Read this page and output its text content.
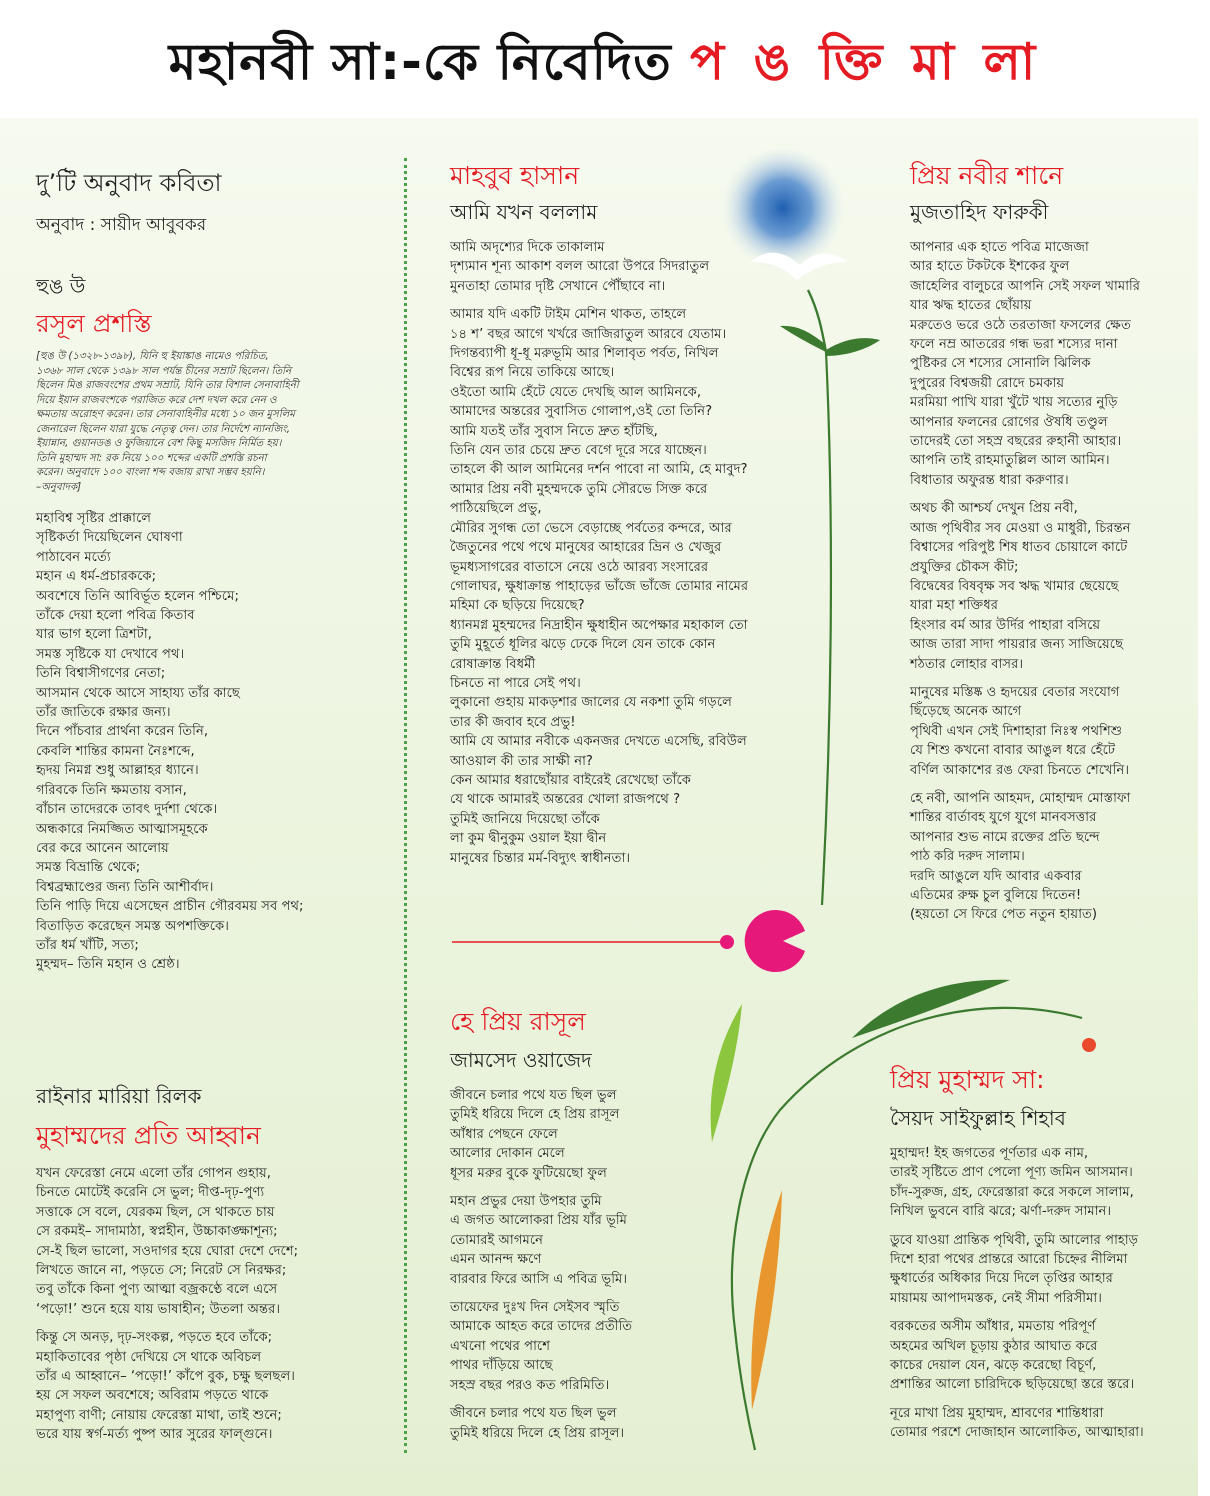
মহানবী সা:-কে নিবেদিত প ঙ ক্তি মা লা

দু’টি অনুবাদ কবিতা

অনুবাদ : সায়ীদ আবুবকর

হুঙ উ

রসূল প্রশস্তি

[হুঙ উ (১৩২৮-১৩৯৮), যিনি হু ইয়াঙ্কাঙ নামেও পরিচিত,
১৩৬৮ সাল থেকে ১৩৯৮ সাল পর্যন্ত চীনের সম্রাট ছিলেন। তিনি
ছিলেন মিঙ রাজবংশের প্রথম সম্রাট, যিনি তার বিশাল সেনাবাহিনী
দিয়ে ইয়ান রাজবংশকে পরাজিত করে দেশ দখল করে নেন ও
ক্ষমতায় অরোহণ করেন। তার সেনাবাহিনীর মধ্যে ১০ জন মুসলিম
জেনারেল ছিলেন যারা যুদ্ধে নেতৃত্ব দেন। তার নির্দেশে ন্যানজিং,
ইয়ান্নান, গুয়ানডঙ ও ফুজিয়ানে বেশ কিছু মসজিদ নির্মিত হয়।
তিনি মুহাম্মদ সা: রক নিয়ে ১০০ শব্দের একটি প্রশস্তি রচনা
করেন। অনুবাদে ১০০ বাংলা শব্দ বজায় রাখা সম্ভব হয়নি।
–অনুবাদক]
মহাবিশ্ব সৃষ্টির প্রাক্কালে
সৃষ্টিকর্তা দিয়েছিলেন ঘোষণা
পাঠাবেন মর্ত্যে
মহান এ ধর্ম-প্রচারককে;
অবশেষে তিনি আবির্ভূত হলেন পশ্চিমে;
তাঁকে দেয়া হলো পবিত্র কিতাব
যার ভাগ হলো ত্রিশটা,
সমস্ত সৃষ্টিকে যা দেখাবে পথ।
তিনি বিশ্বাসীগণের নেতা;
আসমান থেকে আসে সাহায্য তাঁর কাছে
তাঁর জাতিকে রক্ষার জন্য।
দিনে পাঁচবার প্রার্থনা করেন তিনি,
কেবলি শান্তির কামনা নৈঃশব্দে,
হৃদয় নিমগ্ন শুধু আল্লাহর ধ্যানে।
গরিবকে তিনি ক্ষমতায় বসান,
বাঁচান তাদেরকে তাবৎ দুর্দশা থেকে।
অন্ধকারে নিমজ্জিত আত্মাসমূহকে
বের করে আনেন আলোয়
সমস্ত বিভ্রান্তি থেকে;
বিশ্বব্রহ্মাণ্ডের জন্য তিনি আশীর্বাদ।
তিনি পাড়ি দিয়ে এসেছেন প্রাচীন গৌরবময় সব পথ;
বিতাড়িত করেছেন সমস্ত অপশক্তিকে।
তাঁর ধর্ম খাঁটি, সত্য;
মুহম্মদ– তিনি মহান ও শ্রেষ্ঠ।

রাইনার মারিয়া রিলক

মুহাম্মদের প্রতি আহ্বান

যখন ফেরেস্তা নেমে এলো তাঁর গোপন গুহায়,
চিনতে মোটেই করেনি সে ভুল; দীপ্ত-দৃঢ়-পুণ্য
সত্তাকে সে বলে, যেরকম ছিল, সে থাকতে চায়
সে রকমই– সাদামাঠা, স্বপ্নহীন, উচ্চাকাঙ্ক্ষাশূন্য;
সে-ই ছিল ভালো, সওদাগর হয়ে ঘোরা দেশে দেশে;
লিখতে জানে না, পড়তে সে; নিরেট সে নিরক্ষর;
তবু তাঁকে কিনা পুণ্য আত্মা বজ্রকণ্ঠে বলে এসে
‘পড়ো!’ শুনে হয়ে যায় ভাষাহীন; উতলা অন্তর।
কিন্তু সে অনড়, দৃঢ়-সংকল্প, পড়তে হবে তাঁকে;
মহাকিতাবের পৃষ্ঠা দেখিয়ে সে থাকে অবিচল
তাঁর এ আহ্বানে– ‘পড়ো!’ কাঁপে বুক, চক্ষু ছলছল।
হয় সে সফল অবশেষে; অবিরাম পড়তে থাকে
মহাপুণ্য বাণী; নোয়ায় ফেরেস্তা মাথা, তাই শুনে;
ভরে যায় স্বর্গ-মর্ত্য পুষ্প আর সুরের ফাল্গুনে।

মাহবুব হাসান

আমি যখন বললাম

আমি অদৃশ্যের দিকে তাকালাম
দৃশ্যমান শূন্য আকাশ বলল আরো উপরে সিদরাতুল
মুনতাহা তোমার দৃষ্টি সেখানে পৌঁছাবে না।
আমার যদি একটি টাইম মেশিন থাকত, তাহলে
১৪ শ’ বছর আগে খর্খরে জাজিরাতুল আরবে যেতাম।
দিগন্তব্যাপী ধূ-ধূ মরুভূমি আর শিলাবৃত পর্বত, নিখিল
বিশ্বের রূপ নিয়ে তাকিয়ে আছে।
ওইতো আমি হেঁটে যেতে দেখছি আল আমিনকে,
আমাদের অন্তরের সুবাসিত গোলাপ,ওই তো তিনি?
আমি যতই তাঁর সুবাস নিতে দ্রুত হাঁটছি,
তিনি যেন তার চেয়ে দ্রুত বেগে দূরে সরে যাচ্ছেন।
তাহলে কী আল আমিনের দর্শন পাবো না আমি, হে মাবুদ?
আমার প্রিয় নবী মুহম্মদকে তুমি সৌরভে সিক্ত করে
পাঠিয়েছিলে প্রভু,
মৌরির সুগন্ধ তো ভেসে বেড়াচ্ছে পর্বতের কন্দরে, আর
জৈতুনের পথে পথে মানুষের আহারের ভ্রিন ও খেজুর
ভূমধ্যসাগরের বাতাসে নেয়ে ওঠে আরব্য সংসারের
গোলাঘর, ক্ষুধাক্রান্ত পাহাড়ের ভাঁজে ভাঁজে তোমার নামের
মহিমা কে ছড়িয়ে দিয়েছে?
ধ্যানমগ্ন মুহম্মদের নিদ্রাহীন ক্ষুধাহীন অপেক্ষার মহাকাল তো
তুমি মুহূর্তে ধূলির ঝড়ে ঢেকে দিলে যেন তাকে কোন
রোষাক্রান্ত বিধর্মী
চিনতে না পারে সেই পথ।
লুকানো গুহায় মাকড়শার জালের যে নকশা তুমি গড়লে
তার কী জবাব হবে প্রভু!
আমি যে আমার নবীকে একনজর দেখতে এসেছি, রবিউল
আওয়াল কী তার সাক্ষী না?
কেন আমার ধরাছোঁয়ার বাইরেই রেখেছো তাঁকে
যে থাকে আমারই অন্তরের খোলা রাজপথে ?
তুমিই জানিয়ে দিয়েছো তাঁকে
লা কুম দ্বীনুকুম ওয়াল ইয়া দ্বীন
মানুষের চিন্তার মর্ম-বিদ্যুৎ স্বাধীনতা।

হে প্রিয় রাসূল

জামসেদ ওয়াজেদ

জীবনে চলার পথে যত ছিল ভুল
তুমিই ধরিয়ে দিলে হে প্রিয় রাসূল
আঁধার পেছনে ফেলে
আলোর দোকান মেলে
ধূসর মরুর বুকে ফুটিয়েছো ফুল
মহান প্রভুর দেয়া উপহার তুমি
এ জগত আলোকরা প্রিয় যাঁর ভূমি
তোমারই আগমনে
এমন আনন্দ ক্ষণে
বারবার ফিরে আসি এ পবিত্র ভূমি।
তায়েফের দুঃখ দিন সেইসব স্মৃতি
আমাকে আহত করে তাদের প্রতীতি
এখনো পথের পাশে
পাথর দাঁড়িয়ে আছে
সহস্র বছর পরও কত পরিমিতি।
জীবনে চলার পথে যত ছিল ভুল
তুমিই ধরিয়ে দিলে হে প্রিয় রাসূল।

প্রিয় নবীর শানে

মুজতাহিদ ফারুকী

আপনার এক হাতে পবিত্র মাজেজা
আর হাতে টকটকে ইশকের ফুল
জাহেলির বালুচরে আপনি সেই সফল খামারি
যার ঋদ্ধ হাতের ছোঁয়ায়
মরুতেও ভরে ওঠে তরতাজা ফসলের ক্ষেত
ফলে নম্র আতরের গন্ধ ভরা শস্যের দানা
পুষ্টিকর সে শস্যের সোনালি ঝিলিক
দুপুরের বিশ্বজয়ী রোদে চমকায়
মরমিয়া পাখি যারা খুঁটে খায় সত্যের নুড়ি
আপনার ফলনের রোগের ঔষধি তণ্ডুল
তাদেরই তো সহস্র বছরের রুহানী আহার।
আপনি তাই রাহমাতুল্লিল আল আমিন।
বিধাতার অফুরন্ত ধারা করুণার।
অথচ কী আশ্চর্য দেখুন প্রিয় নবী,
আজ পৃথিবীর সব মেওয়া ও মাধুরী, চিরন্তন
বিশ্বাসের পরিপুষ্ট শিষ ধাতব চোয়ালে কাটে
প্রযুক্তির চৌকস কীট;
বিদ্বেষের বিষবৃক্ষ সব ঋদ্ধ খামার ছেয়েছে
যারা মহা শক্তিধর
হিংসার বর্ম আর উর্দির পাহারা বসিয়ে
আজ তারা সাদা পায়রার জন্য সাজিয়েছে
শঠতার লোহার বাসর।
মানুষের মস্তিষ্ক ও হৃদয়ের বেতার সংযোগ
ছিঁড়েছে অনেক আগে
পৃথিবী এখন সেই দিশাহারা নিঃস্ব পথশিশু
যে শিশু কখনো বাবার আঙুল ধরে হেঁটে
বর্ণিল আকাশের রঙ ফেরা চিনতে শেখেনি।
হে নবী, আপনি আহমদ, মোহাম্মদ মোস্তাফা
শান্তির বার্তাবহ যুগে যুগে মানবসত্তার
আপনার শুভ নামে রক্তের প্রতি ছন্দে
পাঠ করি দরুদ সালাম।
দরদি আঙুলে যদি আবার একবার
এতিমের রুক্ষ চুল বুলিয়ে দিতেন!
(হয়তো সে ফিরে পেত নতুন হায়াত)

প্রিয় মুহাম্মদ সা:

সৈয়দ সাইফুল্লাহ শিহাব

মুহাম্মদ! ইহ জগতের পূর্ণতার এক নাম,
তারই সৃষ্টিতে প্রাণ পেলো পূণ্য জমিন আসমান।
চাঁদ-সুরুজ, গ্রহ, ফেরেস্তারা করে সকলে সালাম,
নিখিল ভুবনে বারি ঝরে; ঝর্ণা-দরুদ সামান।
ডুবে যাওয়া প্রান্তিক পৃথিবী, তুমি আলোর পাহাড়
দিশে হারা পথের প্রান্তরে আরো চিহ্নের নীলিমা
ক্ষুধার্তের অধিকার দিয়ে দিলে তৃপ্তির আহার
মায়াময় আপাদমস্তক, নেই সীমা পরিসীমা।
বরকতের অসীম আঁধার, মমতায় পরিপূর্ণ
অহমের অখিল চূড়ায় কুঠার আঘাত করে
কাচের দেয়াল যেন, ঝড়ে করেছো বিচূর্ণ,
প্রশান্তির আলো চারিদিকে ছড়িয়েছো স্তরে স্তরে।
নূরে মাখা প্রিয় মুহাম্মদ, শ্রাবণের শান্তিধারা
তোমার পরশে দোজাহান আলোকিত, আত্মাহারা।
